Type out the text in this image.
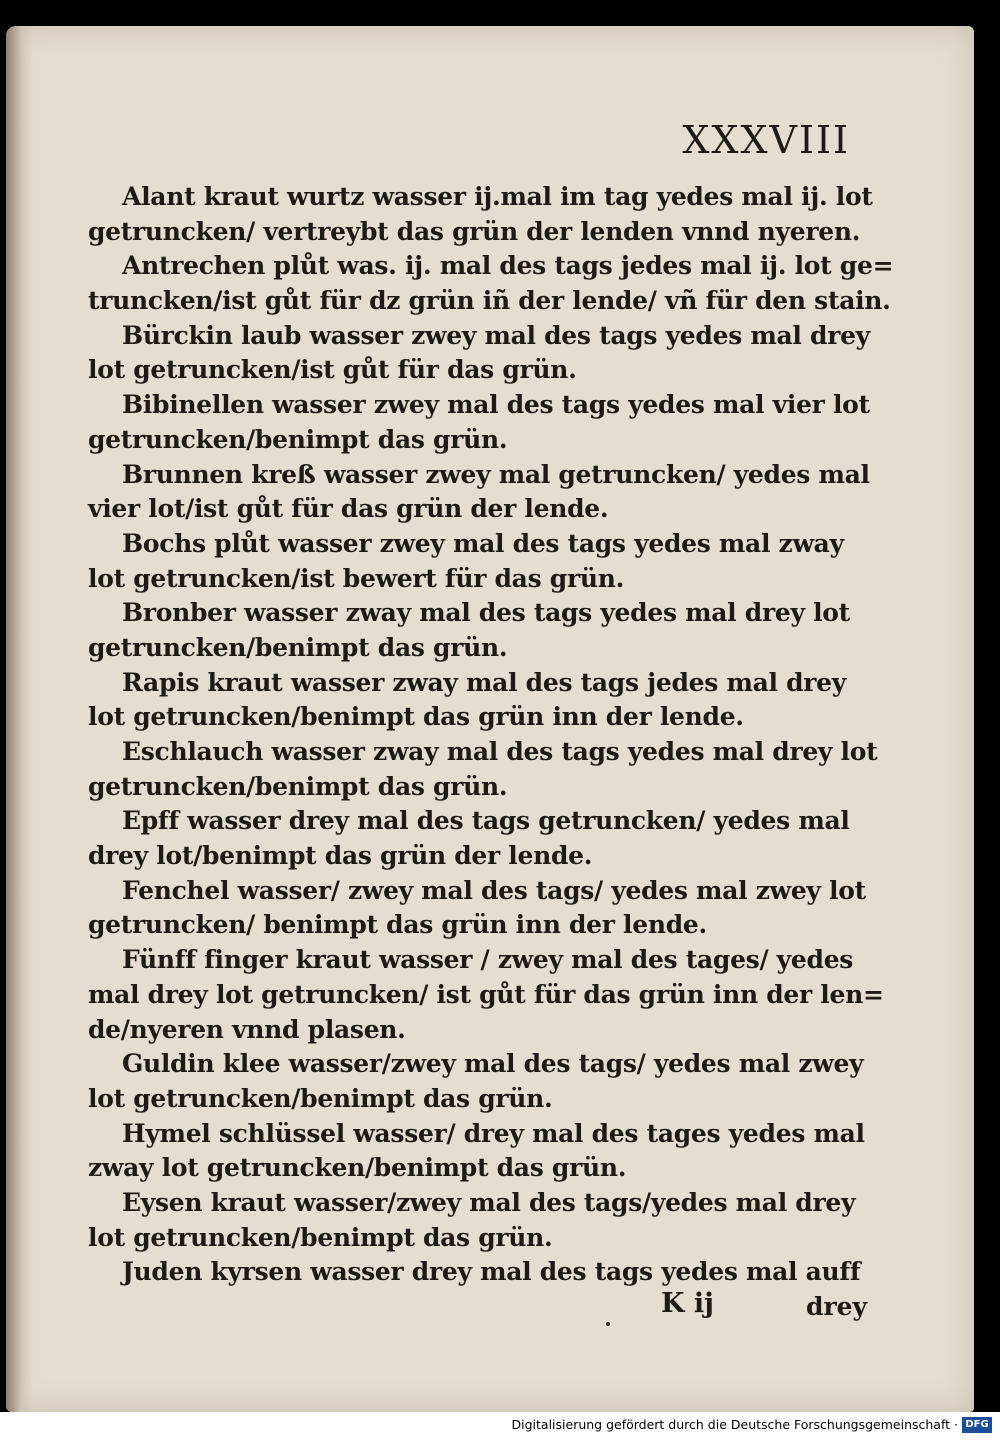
XXXVIII
Alant kraut wurtz wasser ij.mal im tag yedes mal ij. lot
getruncken/ vertreybt das grün der lenden vnnd nyeren.
Antrechen plůt was. ij. mal des tags jedes mal ij. lot ge=
truncken/ist gůt für dz grün iñ der lende/ vñ für den stain.
Bürckin laub wasser zwey mal des tags yedes mal drey
lot getruncken/ist gůt für das grün.
Bibinellen wasser zwey mal des tags yedes mal vier lot
getruncken/benimpt das grün.
Brunnen kreß wasser zwey mal getruncken/ yedes mal
vier lot/ist gůt für das grün der lende.
Bochs plůt wasser zwey mal des tags yedes mal zway
lot getruncken/ist bewert für das grün.
Bronber wasser zway mal des tags yedes mal drey lot
getruncken/benimpt das grün.
Rapis kraut wasser zway mal des tags jedes mal drey
lot getruncken/benimpt das grün inn der lende.
Eschlauch wasser zway mal des tags yedes mal drey lot
getruncken/benimpt das grün.
Epff wasser drey mal des tags getruncken/ yedes mal
drey lot/benimpt das grün der lende.
Fenchel wasser/ zwey mal des tags/ yedes mal zwey lot
getruncken/ benimpt das grün inn der lende.
Fünff finger kraut wasser / zwey mal des tages/ yedes
mal drey lot getruncken/ ist gůt für das grün inn der len=
de/nyeren vnnd plasen.
Guldin klee wasser/zwey mal des tags/ yedes mal zwey
lot getruncken/benimpt das grün.
Hymel schlüssel wasser/ drey mal des tages yedes mal
zway lot getruncken/benimpt das grün.
Eysen kraut wasser/zwey mal des tags/yedes mal drey
lot getruncken/benimpt das grün.
Juden kyrsen wasser drey mal des tags yedes mal auff
K ij	drey
Digitalisierung gefördert durch die Deutsche Forschungsgemeinschaft · DFG
